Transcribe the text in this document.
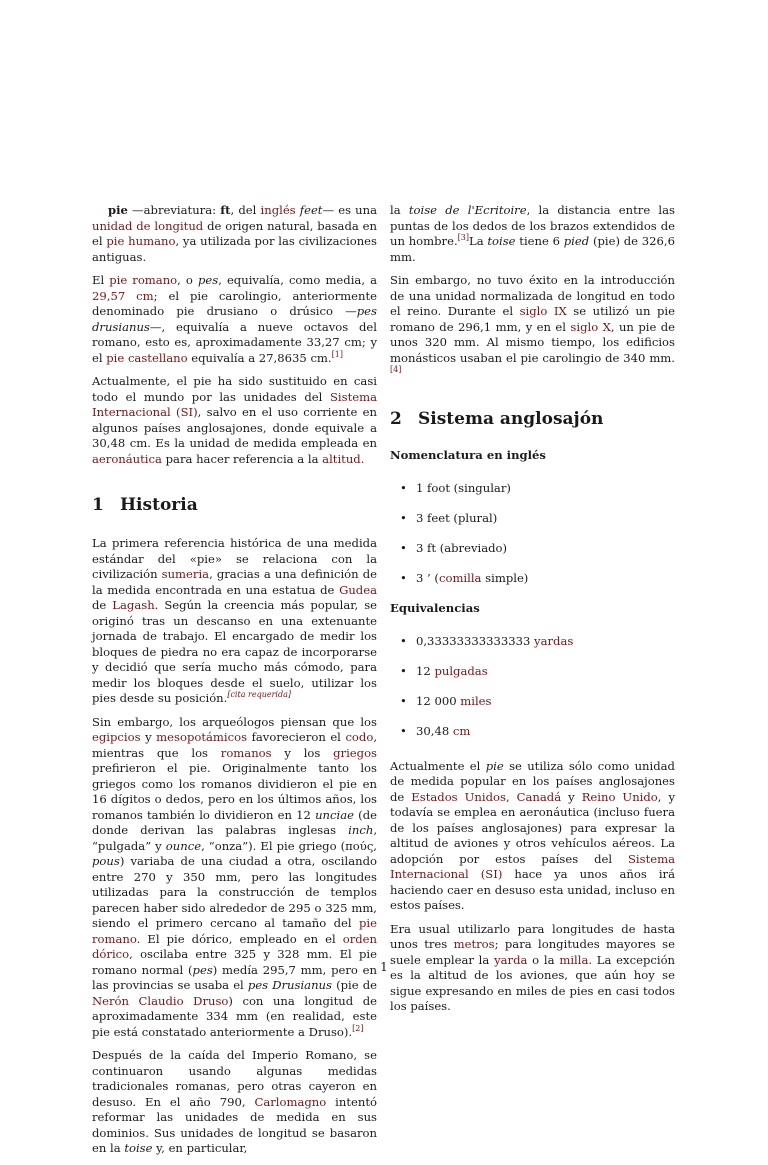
pie —abreviatura: ft, del inglés feet— es una unidad de longitud de origen natural, basada en el pie humano, ya utilizada por las civilizaciones antiguas.

El pie romano, o pes, equivalía, como media, a 29,57 cm; el pie carolingio, anteriormente denominado pie drusiano o drúsico —pes drusianus—, equivalía a nueve octavos del romano, esto es, aproximadamente 33,27 cm; y el pie castellano equivalía a 27,8635 cm.[1]

Actualmente, el pie ha sido sustituido en casi todo el mundo por las unidades del Sistema Internacional (SI), salvo en el uso corriente en algunos países anglosajones, donde equivale a 30,48 cm. Es la unidad de medida empleada en aeronáutica para hacer referencia a la altitud.

1 Historia

La primera referencia histórica de una medida estándar del «pie» se relaciona con la civilización sumeria, gracias a una definición de la medida encontrada en una estatua de Gudea de Lagash. Según la creencia más popular, se originó tras un descanso en una extenuante jornada de trabajo. El encargado de medir los bloques de piedra no era capaz de incorporarse y decidió que sería mucho más cómodo, para medir los bloques desde el suelo, utilizar los pies desde su posición.[cita requerida]

Sin embargo, los arqueólogos piensan que los egipcios y mesopotámicos favorecieron el codo, mientras que los romanos y los griegos prefirieron el pie. Originalmente tanto los griegos como los romanos dividieron el pie en 16 dígitos o dedos, pero en los últimos años, los romanos también lo dividieron en 12 unciae (de donde derivan las palabras inglesas inch, “pulgada” y ounce, “onza”). El pie griego (πούς, pous) variaba de una ciudad a otra, oscilando entre 270 y 350 mm, pero las longitudes utilizadas para la construcción de templos parecen haber sido alrededor de 295 o 325 mm, siendo el primero cercano al tamaño del pie romano. El pie dórico, empleado en el orden dórico, oscilaba entre 325 y 328 mm. El pie romano normal (pes) medía 295,7 mm, pero en las provincias se usaba el pes Drusianus (pie de Nerón Claudio Druso) con una longitud de aproximadamente 334 mm (en realidad, este pie está constatado anteriormente a Druso).[2]

Después de la caída del Imperio Romano, se continuaron usando algunas medidas tradicionales romanas, pero otras cayeron en desuso. En el año 790, Carlomagno intentó reformar las unidades de medida en sus dominios. Sus unidades de longitud se basaron en la toise y, en particular,

la toise de l'Ecritoire, la distancia entre las puntas de los dedos de los brazos extendidos de un hombre.[3]La toise tiene 6 pied (pie) de 326,6 mm.

Sin embargo, no tuvo éxito en la introducción de una unidad normalizada de longitud en todo el reino. Durante el siglo IX se utilizó un pie romano de 296,1 mm, y en el siglo X, un pie de unos 320 mm. Al mismo tiempo, los edificios monásticos usaban el pie carolingio de 340 mm.[4]

2 Sistema anglosajón
Nomenclatura en inglés
• 1 foot (singular)
• 3 feet (plural)
• 3 ft (abreviado)
• 3 ’ (comilla simple)
Equivalencias
• 0,33333333333333 yardas
• 12 pulgadas
• 12 000 miles
• 30,48 cm

Actualmente el pie se utiliza sólo como unidad de medida popular en los países anglosajones de Estados Unidos, Canadá y Reino Unido, y todavía se emplea en aeronáutica (incluso fuera de los países anglosajones) para expresar la altitud de aviones y otros vehículos aéreos. La adopción por estos países del Sistema Internacional (SI) hace ya unos años irá haciendo caer en desuso esta unidad, incluso en estos países.

Era usual utilizarlo para longitudes de hasta unos tres metros; para longitudes mayores se suele emplear la yarda o la milla. La excepción es la altitud de los aviones, que aún hoy se sigue expresando en miles de pies en casi todos los países.

1
